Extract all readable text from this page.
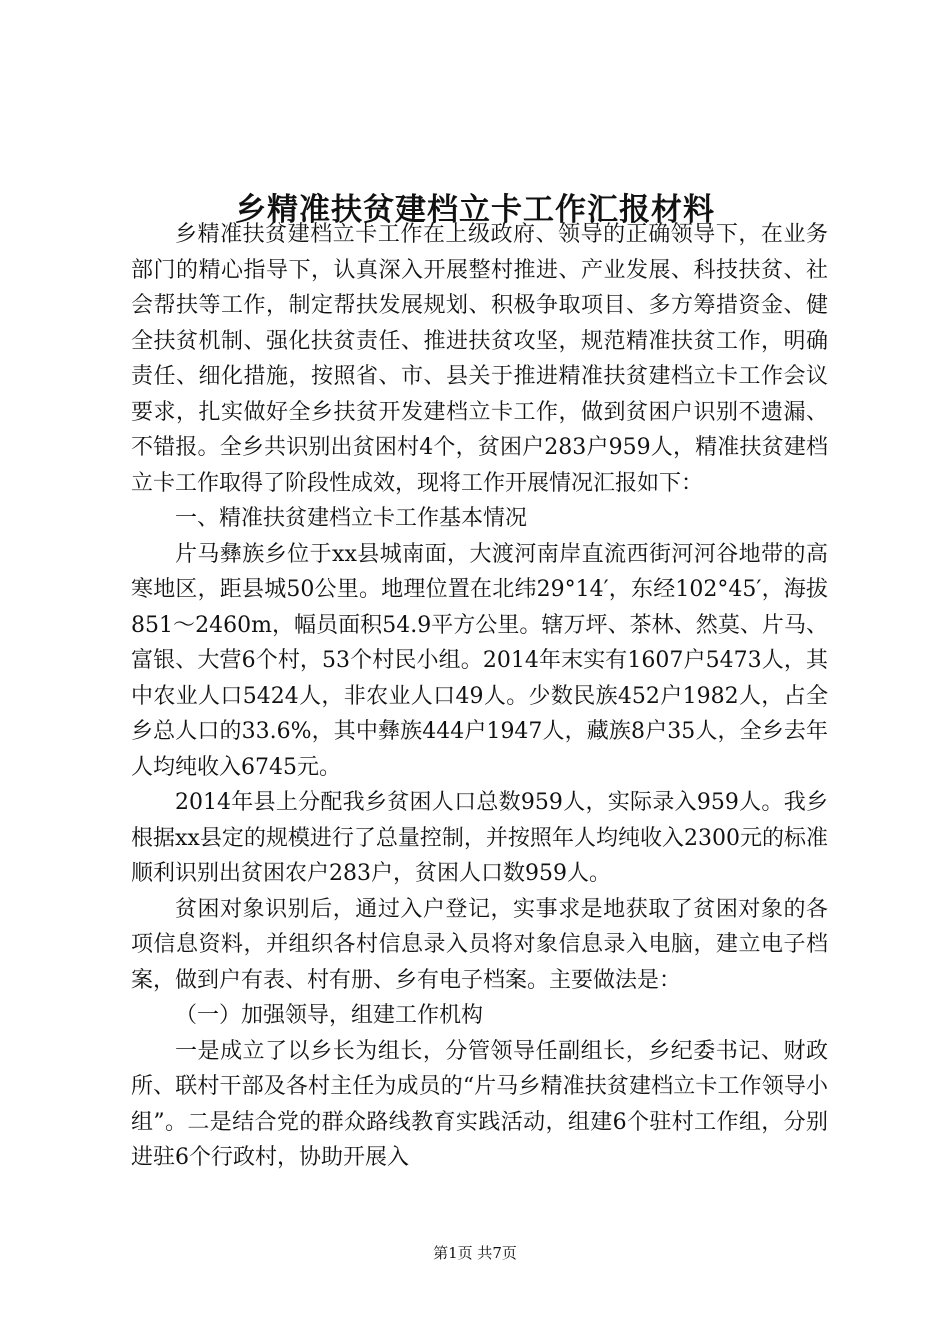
乡精准扶贫建档立卡工作汇报材料

乡精准扶贫建档立卡工作在上级政府、领导的正确领导下，在业务部门的精心指导下，认真深入开展整村推进、产业发展、科技扶贫、社会帮扶等工作，制定帮扶发展规划、积极争取项目、多方筹措资金、健全扶贫机制、强化扶贫责任、推进扶贫攻坚，规范精准扶贫工作，明确责任、细化措施，按照省、市、县关于推进精准扶贫建档立卡工作会议要求，扎实做好全乡扶贫开发建档立卡工作，做到贫困户识别不遗漏、不错报。全乡共识别出贫困村4个，贫困户283户959人，精准扶贫建档立卡工作取得了阶段性成效，现将工作开展情况汇报如下：

一、精准扶贫建档立卡工作基本情况

片马彝族乡位于xx县城南面，大渡河南岸直流西街河河谷地带的高寒地区，距县城50公里。地理位置在北纬29°14′，东经102°45′，海拔851～2460m，幅员面积54.9平方公里。辖万坪、茶林、然莫、片马、富银、大营6个村，53个村民小组。2014年末实有1607户5473人，其中农业人口5424人，非农业人口49人。少数民族452户1982人，占全乡总人口的33.6%，其中彝族444户1947人，藏族8户35人，全乡去年人均纯收入6745元。

2014年县上分配我乡贫困人口总数959人，实际录入959人。我乡根据xx县定的规模进行了总量控制，并按照年人均纯收入2300元的标准顺利识别出贫困农户283户，贫困人口数959人。

贫困对象识别后，通过入户登记，实事求是地获取了贫困对象的各项信息资料，并组织各村信息录入员将对象信息录入电脑，建立电子档案，做到户有表、村有册、乡有电子档案。主要做法是：

（一）加强领导，组建工作机构

一是成立了以乡长为组长，分管领导任副组长，乡纪委书记、财政所、联村干部及各村主任为成员的“片马乡精准扶贫建档立卡工作领导小组”。二是结合党的群众路线教育实践活动，组建6个驻村工作组，分别进驻6个行政村，协助开展入

第1页 共7页
